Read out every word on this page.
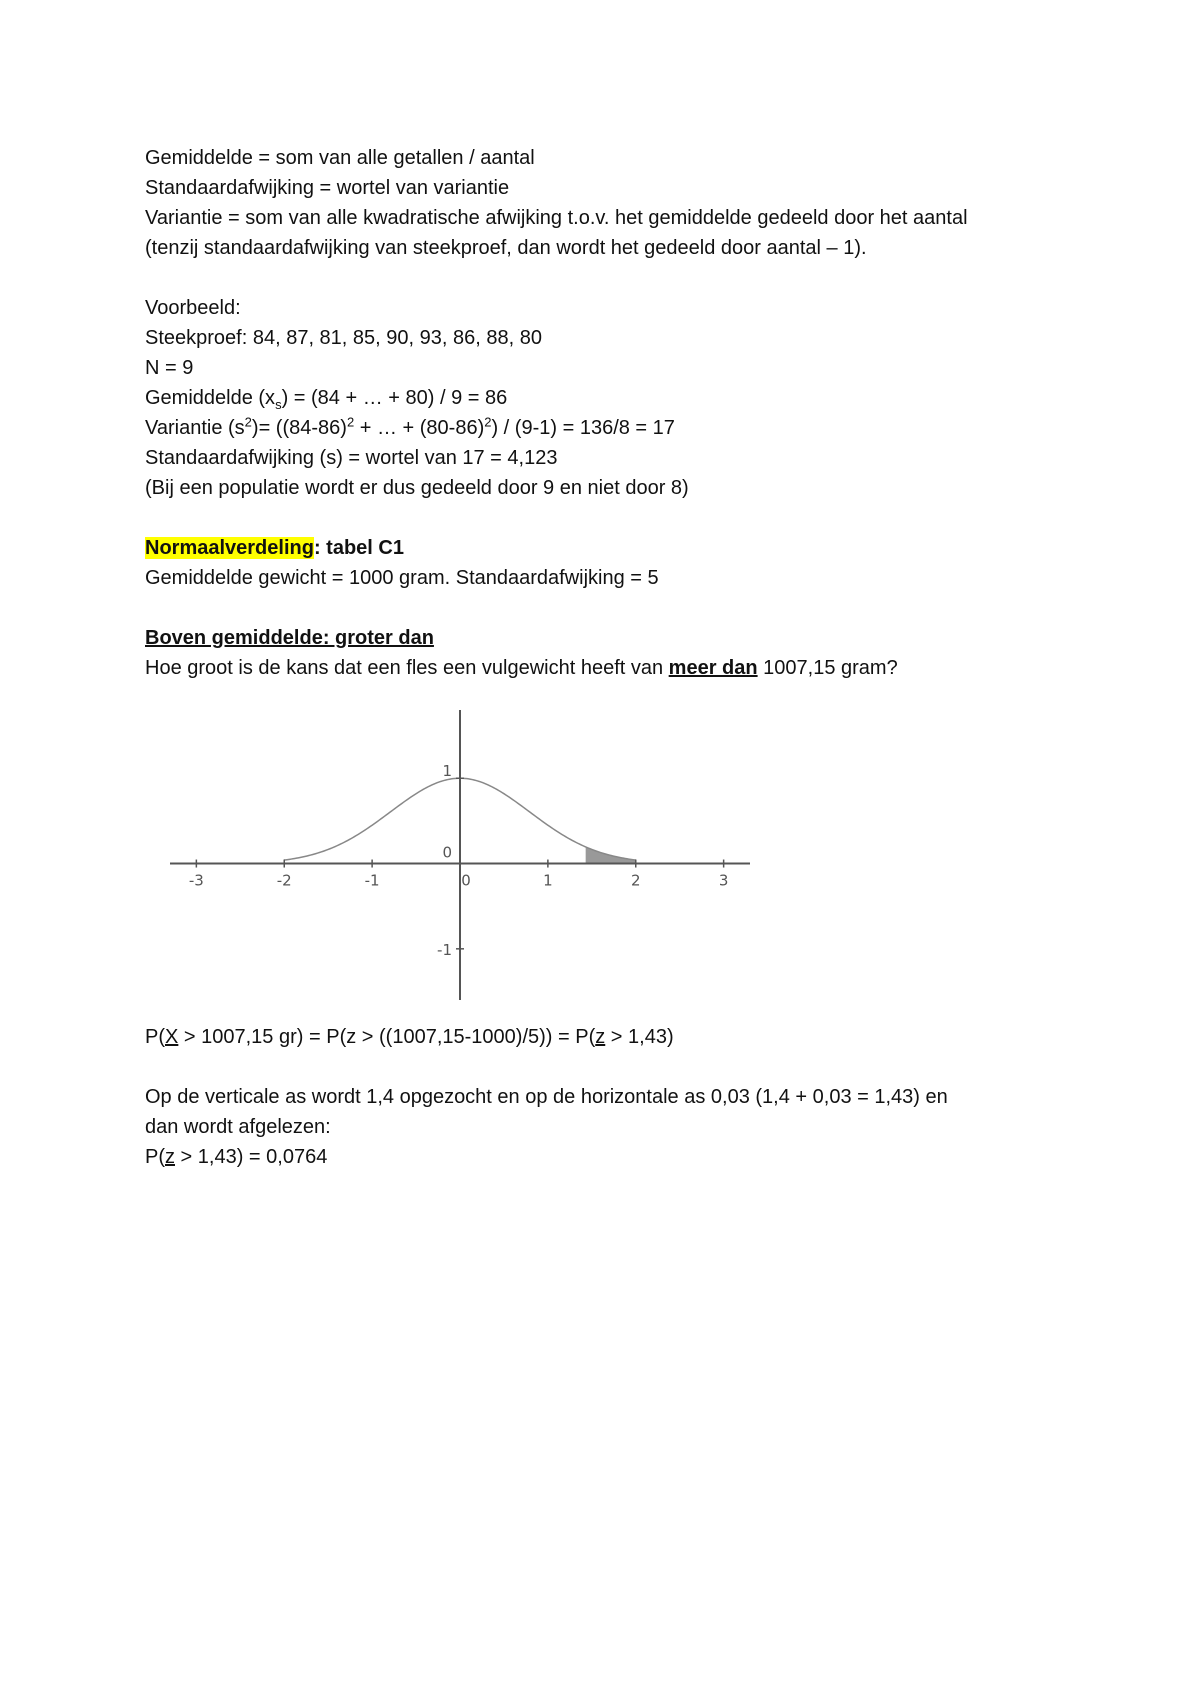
Gemiddelde = som van alle getallen / aantal
Standaardafwijking = wortel van variantie
Variantie = som van alle kwadratische afwijking t.o.v. het gemiddelde gedeeld door het aantal
(tenzij standaardafwijking van steekproef, dan wordt het gedeeld door aantal – 1).
Voorbeeld:
Steekproef: 84, 87, 81, 85, 90, 93, 86, 88, 80
N = 9
Gemiddelde $(x_s) = (84$ + … + 80) / 9 = 86
Variantie $(s^2)= ((84-86)^2$ + … + $(80-86)^2) / (9-1) = 136/8 = 17$
Standaardafwijking (s) = wortel van 17 = 4,123
(Bij een populatie wordt er dus gedeeld door 9 en niet door 8)
Normaalverdeling: tabel C1
Gemiddelde gewicht = 1000 gram. Standaardafwijking = 5
Boven gemiddelde: groter dan
Hoe groot is de kans dat een fles een vulgewicht heeft van meer dan 1007,15 gram?
-3	-2	-1	0	1	2	3
1
0
-1
P(X > 1007,15 gr) = P(z > ((1007,15-1000)/5)) = P(z > 1,43)
Op de verticale as wordt 1,4 opgezocht en op de horizontale as 0,03 (1,4 + 0,03 = 1,43) en
dan wordt afgelezen:
P(z > 1,43) = 0,0764
